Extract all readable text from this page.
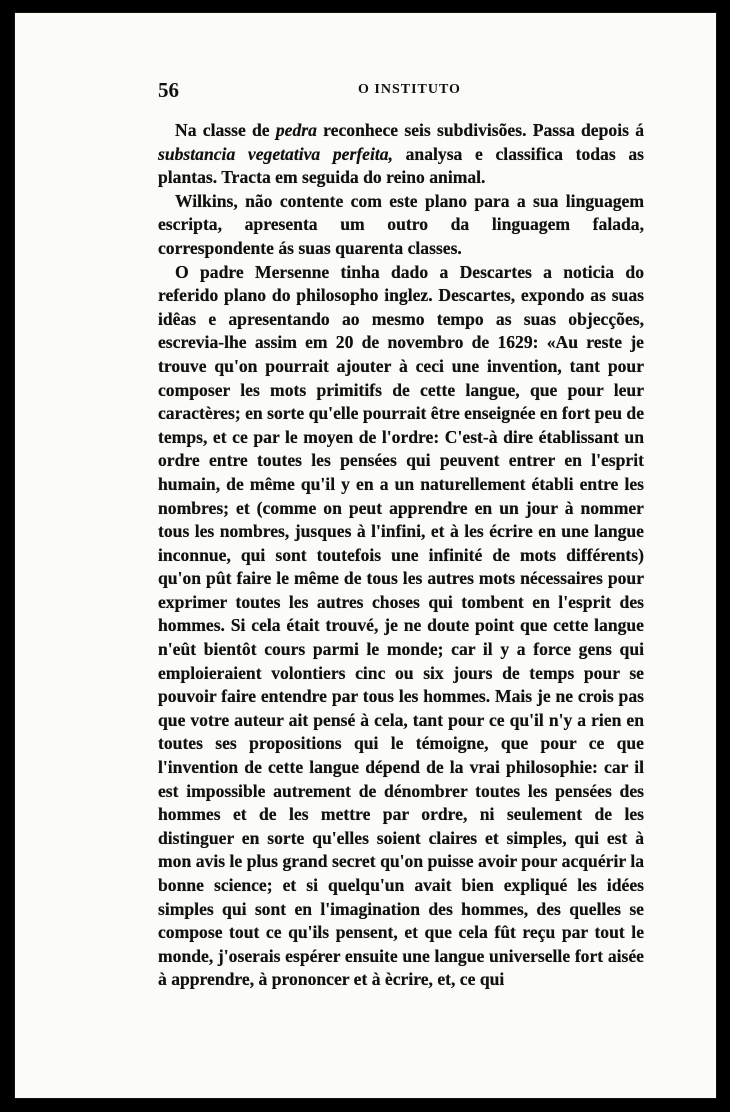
56	O INSTITUTO

Na classe de pedra reconhece seis subdivisões. Passa depois á substancia vegetativa perfeita, analysa e classifica todas as plantas. Tracta em seguida do reino animal.

Wilkins, não contente com este plano para a sua linguagem escripta, apresenta um outro da linguagem falada, correspondente ás suas quarenta classes.

O padre Mersenne tinha dado a Descartes a noticia do referido plano do philosopho inglez. Descartes, expondo as suas idêas e apresentando ao mesmo tempo as suas objecções, escrevia-lhe assim em 20 de novembro de 1629: «Au reste je trouve qu'on pourrait ajouter à ceci une invention, tant pour composer les mots primitifs de cette langue, que pour leur caractères; en sorte qu'elle pourrait être enseignée en fort peu de temps, et ce par le moyen de l'ordre: C'est-à dire établissant un ordre entre toutes les pensées qui peuvent entrer en l'esprit humain, de même qu'il y en a un naturellement établi entre les nombres; et (comme on peut apprendre en un jour à nommer tous les nombres, jusques à l'infini, et à les écrire en une langue inconnue, qui sont toutefois une infinité de mots différents) qu'on pût faire le même de tous les autres mots nécessaires pour exprimer toutes les autres choses qui tombent en l'esprit des hommes. Si cela était trouvé, je ne doute point que cette langue n'eût bientôt cours parmi le monde; car il y a force gens qui emploieraient volontiers cinc ou six jours de temps pour se pouvoir faire entendre par tous les hommes. Mais je ne crois pas que votre auteur ait pensé à cela, tant pour ce qu'il n'y a rien en toutes ses propositions qui le témoigne, que pour ce que l'invention de cette langue dépend de la vrai philosophie: car il est impossible autrement de dénombrer toutes les pensées des hommes et de les mettre par ordre, ni seulement de les distinguer en sorte qu'elles soient claires et simples, qui est à mon avis le plus grand secret qu'on puisse avoir pour acquérir la bonne science; et si quelqu'un avait bien expliqué les idées simples qui sont en l'imagination des hommes, des quelles se compose tout ce qu'ils pensent, et que cela fût reçu par tout le monde, j'oserais espérer ensuite une langue universelle fort aisée à apprendre, à prononcer et à ècrire, et, ce qui
